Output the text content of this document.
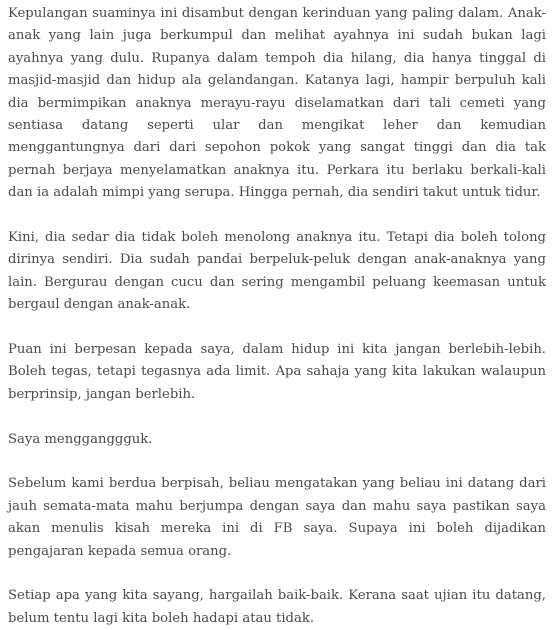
Kepulangan suaminya ini disambut dengan kerinduan yang paling dalam. Anak-anak yang lain juga berkumpul dan melihat ayahnya ini sudah bukan lagi ayahnya yang dulu. Rupanya dalam tempoh dia hilang, dia hanya tinggal di masjid-masjid dan hidup ala gelandangan. Katanya lagi, hampir berpuluh kali dia bermimpikan anaknya merayu-rayu diselamatkan dari tali cemeti yang sentiasa datang seperti ular dan mengikat leher dan kemudian menggantungnya dari dari sepohon pokok yang sangat tinggi dan dia tak pernah berjaya menyelamatkan anaknya itu. Perkara itu berlaku berkali-kali dan ia adalah mimpi yang serupa. Hingga pernah, dia sendiri takut untuk tidur.

Kini, dia sedar dia tidak boleh menolong anaknya itu. Tetapi dia boleh tolong dirinya sendiri. Dia sudah pandai berpeluk-peluk dengan anak-anaknya yang lain. Bergurau dengan cucu dan sering mengambil peluang keemasan untuk bergaul dengan anak-anak.

Puan ini berpesan kepada saya, dalam hidup ini kita jangan berlebih-lebih. Boleh tegas, tetapi tegasnya ada limit. Apa sahaja yang kita lakukan walaupun berprinsip, jangan berlebih.

Saya mengganggguk.

Sebelum kami berdua berpisah, beliau mengatakan yang beliau ini datang dari jauh semata-mata mahu berjumpa dengan saya dan mahu saya pastikan saya akan menulis kisah mereka ini di FB saya. Supaya ini boleh dijadikan pengajaran kepada semua orang.

Setiap apa yang kita sayang, hargailah baik-baik. Kerana saat ujian itu datang, belum tentu lagi kita boleh hadapi atau tidak.
